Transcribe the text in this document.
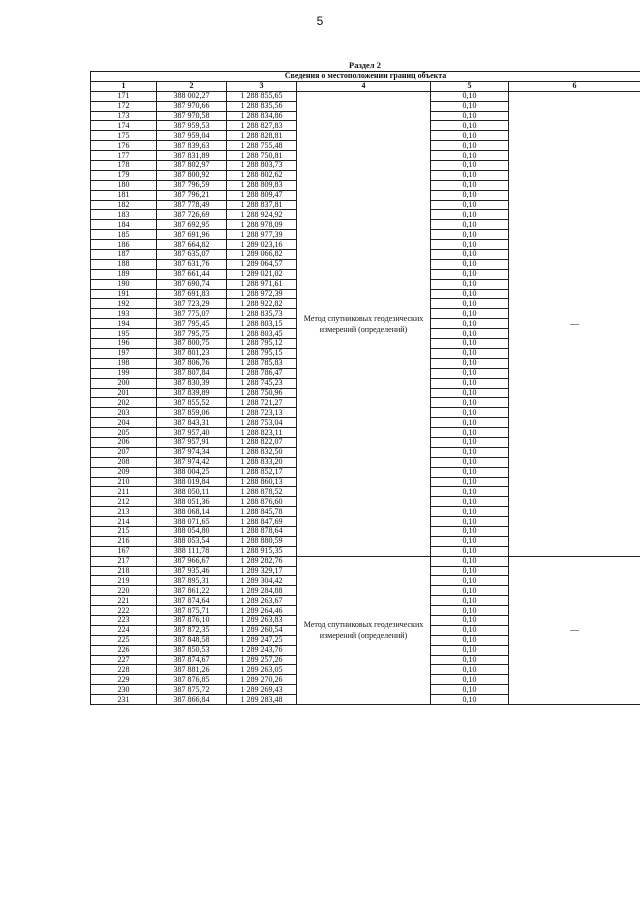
5
Раздел 2
Сведения о местоположении границ объекта					
1	2	3	4	5	6
171	388 002,27	1 288 855,65	Метод спутниковых геодезических измерений (определений)	0,10	—
172	387 970,66	1 288 835,56		0,10	
173	387 970,58	1 288 834,86		0,10	
174	387 959,53	1 288 827,83		0,10	
175	387 959,04	1 288 828,81		0,10	
176	387 839,63	1 288 755,48		0,10	
177	387 831,89	1 288 750,81		0,10	
178	387 802,97	1 288 803,73		0,10	
179	387 800,92	1 288 802,62		0,10	
180	387 796,59	1 288 809,83		0,10	
181	387 796,21	1 288 809,47		0,10	
182	387 778,49	1 288 837,81		0,10	
183	387 726,69	1 288 924,92		0,10	
184	387 692,95	1 288 978,09		0,10	
185	387 691,96	1 288 977,39		0,10	
186	387 664,82	1 289 023,16		0,10	
187	387 635,07	1 289 066,82		0,10	
188	387 631,76	1 289 064,57		0,10	
189	387 661,44	1 289 021,02		0,10	
190	387 690,74	1 288 971,61		0,10	
191	387 691,83	1 288 972,39		0,10	
192	387 723,29	1 288 922,82		0,10	
193	387 775,07	1 288 835,73		0,10	
194	387 795,45	1 288 803,15		0,10	
195	387 795,75	1 288 803,45		0,10	
196	387 800,75	1 288 795,12		0,10	
197	387 801,23	1 288 795,15		0,10	
198	387 806,76	1 288 785,83		0,10	
199	387 807,84	1 288 786,47		0,10	
200	387 830,39	1 288 745,23		0,10	
201	387 839,89	1 288 750,96		0,10	
202	387 855,52	1 288 721,27		0,10	
203	387 859,06	1 288 723,13		0,10	
204	387 843,31	1 288 753,04		0,10	
205	387 957,40	1 288 823,11		0,10	
206	387 957,91	1 288 822,07		0,10	
207	387 974,34	1 288 832,50		0,10	
208	387 974,42	1 288 833,20		0,10	
209	388 004,25	1 288 852,17		0,10	
210	388 019,84	1 288 860,13		0,10	
211	388 050,11	1 288 878,52		0,10	
212	388 051,36	1 288 876,60		0,10	
213	388 068,14	1 288 845,78		0,10	
214	388 071,65	1 288 847,69		0,10	
215	388 054,80	1 288 878,64		0,10	
216	388 053,54	1 288 880,59		0,10	
167	388 111,78	1 288 915,35		0,10	
217	387 966,67	1 289 282,76	Метод спутниковых геодезических измерений (определений)	0,10	—
218	387 935,46	1 289 329,17		0,10	
219	387 895,31	1 289 304,42		0,10	
220	387 861,22	1 289 284,88		0,10	
221	387 874,64	1 289 263,67		0,10	
222	387 875,71	1 289 264,46		0,10	
223	387 876,10	1 289 263,83		0,10	
224	387 872,35	1 289 260,54		0,10	
225	387 848,58	1 289 247,25		0,10	
226	387 850,53	1 289 243,76		0,10	
227	387 874,67	1 289 257,26		0,10	
228	387 881,26	1 289 263,05		0,10	
229	387 876,85	1 289 270,26		0,10	
230	387 875,72	1 289 269,43		0,10	
231	387 866,84	1 289 283,48		0,10	
